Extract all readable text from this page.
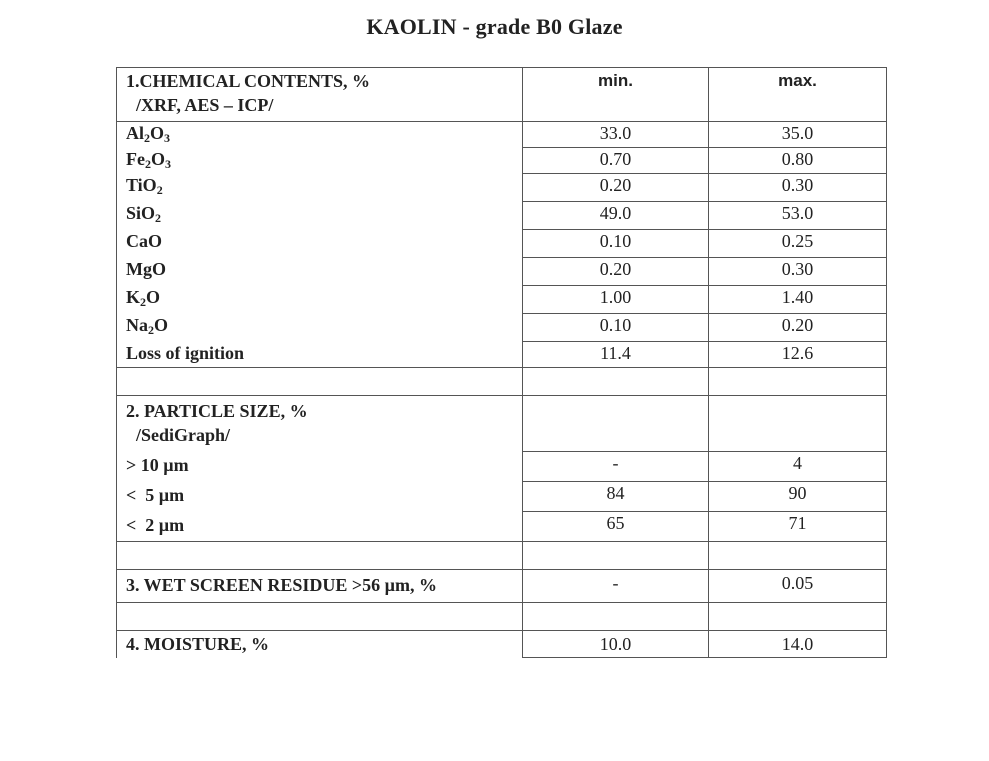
KAOLIN - grade B0 Glaze
1.CHEMICAL CONTENTS, %
/XRF, AES – ICP/	min.	max.
$Al_2O_3$	33.0	35.0
$Fe_2O_3$	0.70	0.80
TiO$_2$	0.20	0.30
SiO$_2$	49.0	53.0
CaO	0.10	0.25
MgO	0.20	0.30
$K_2O$	1.00	1.40
$Na_2O$	0.10	0.20
Loss of ignition	11.4	12.6

2. PARTICLE SIZE, %
/SediGraph/		

> 10 µm	-	4
<  5 µm	84	90
<  2 µm	65	71

3. WET SCREEN RESIDUE >56 µm, %	-	0.05

4. MOISTURE, %	10.0	14.0
